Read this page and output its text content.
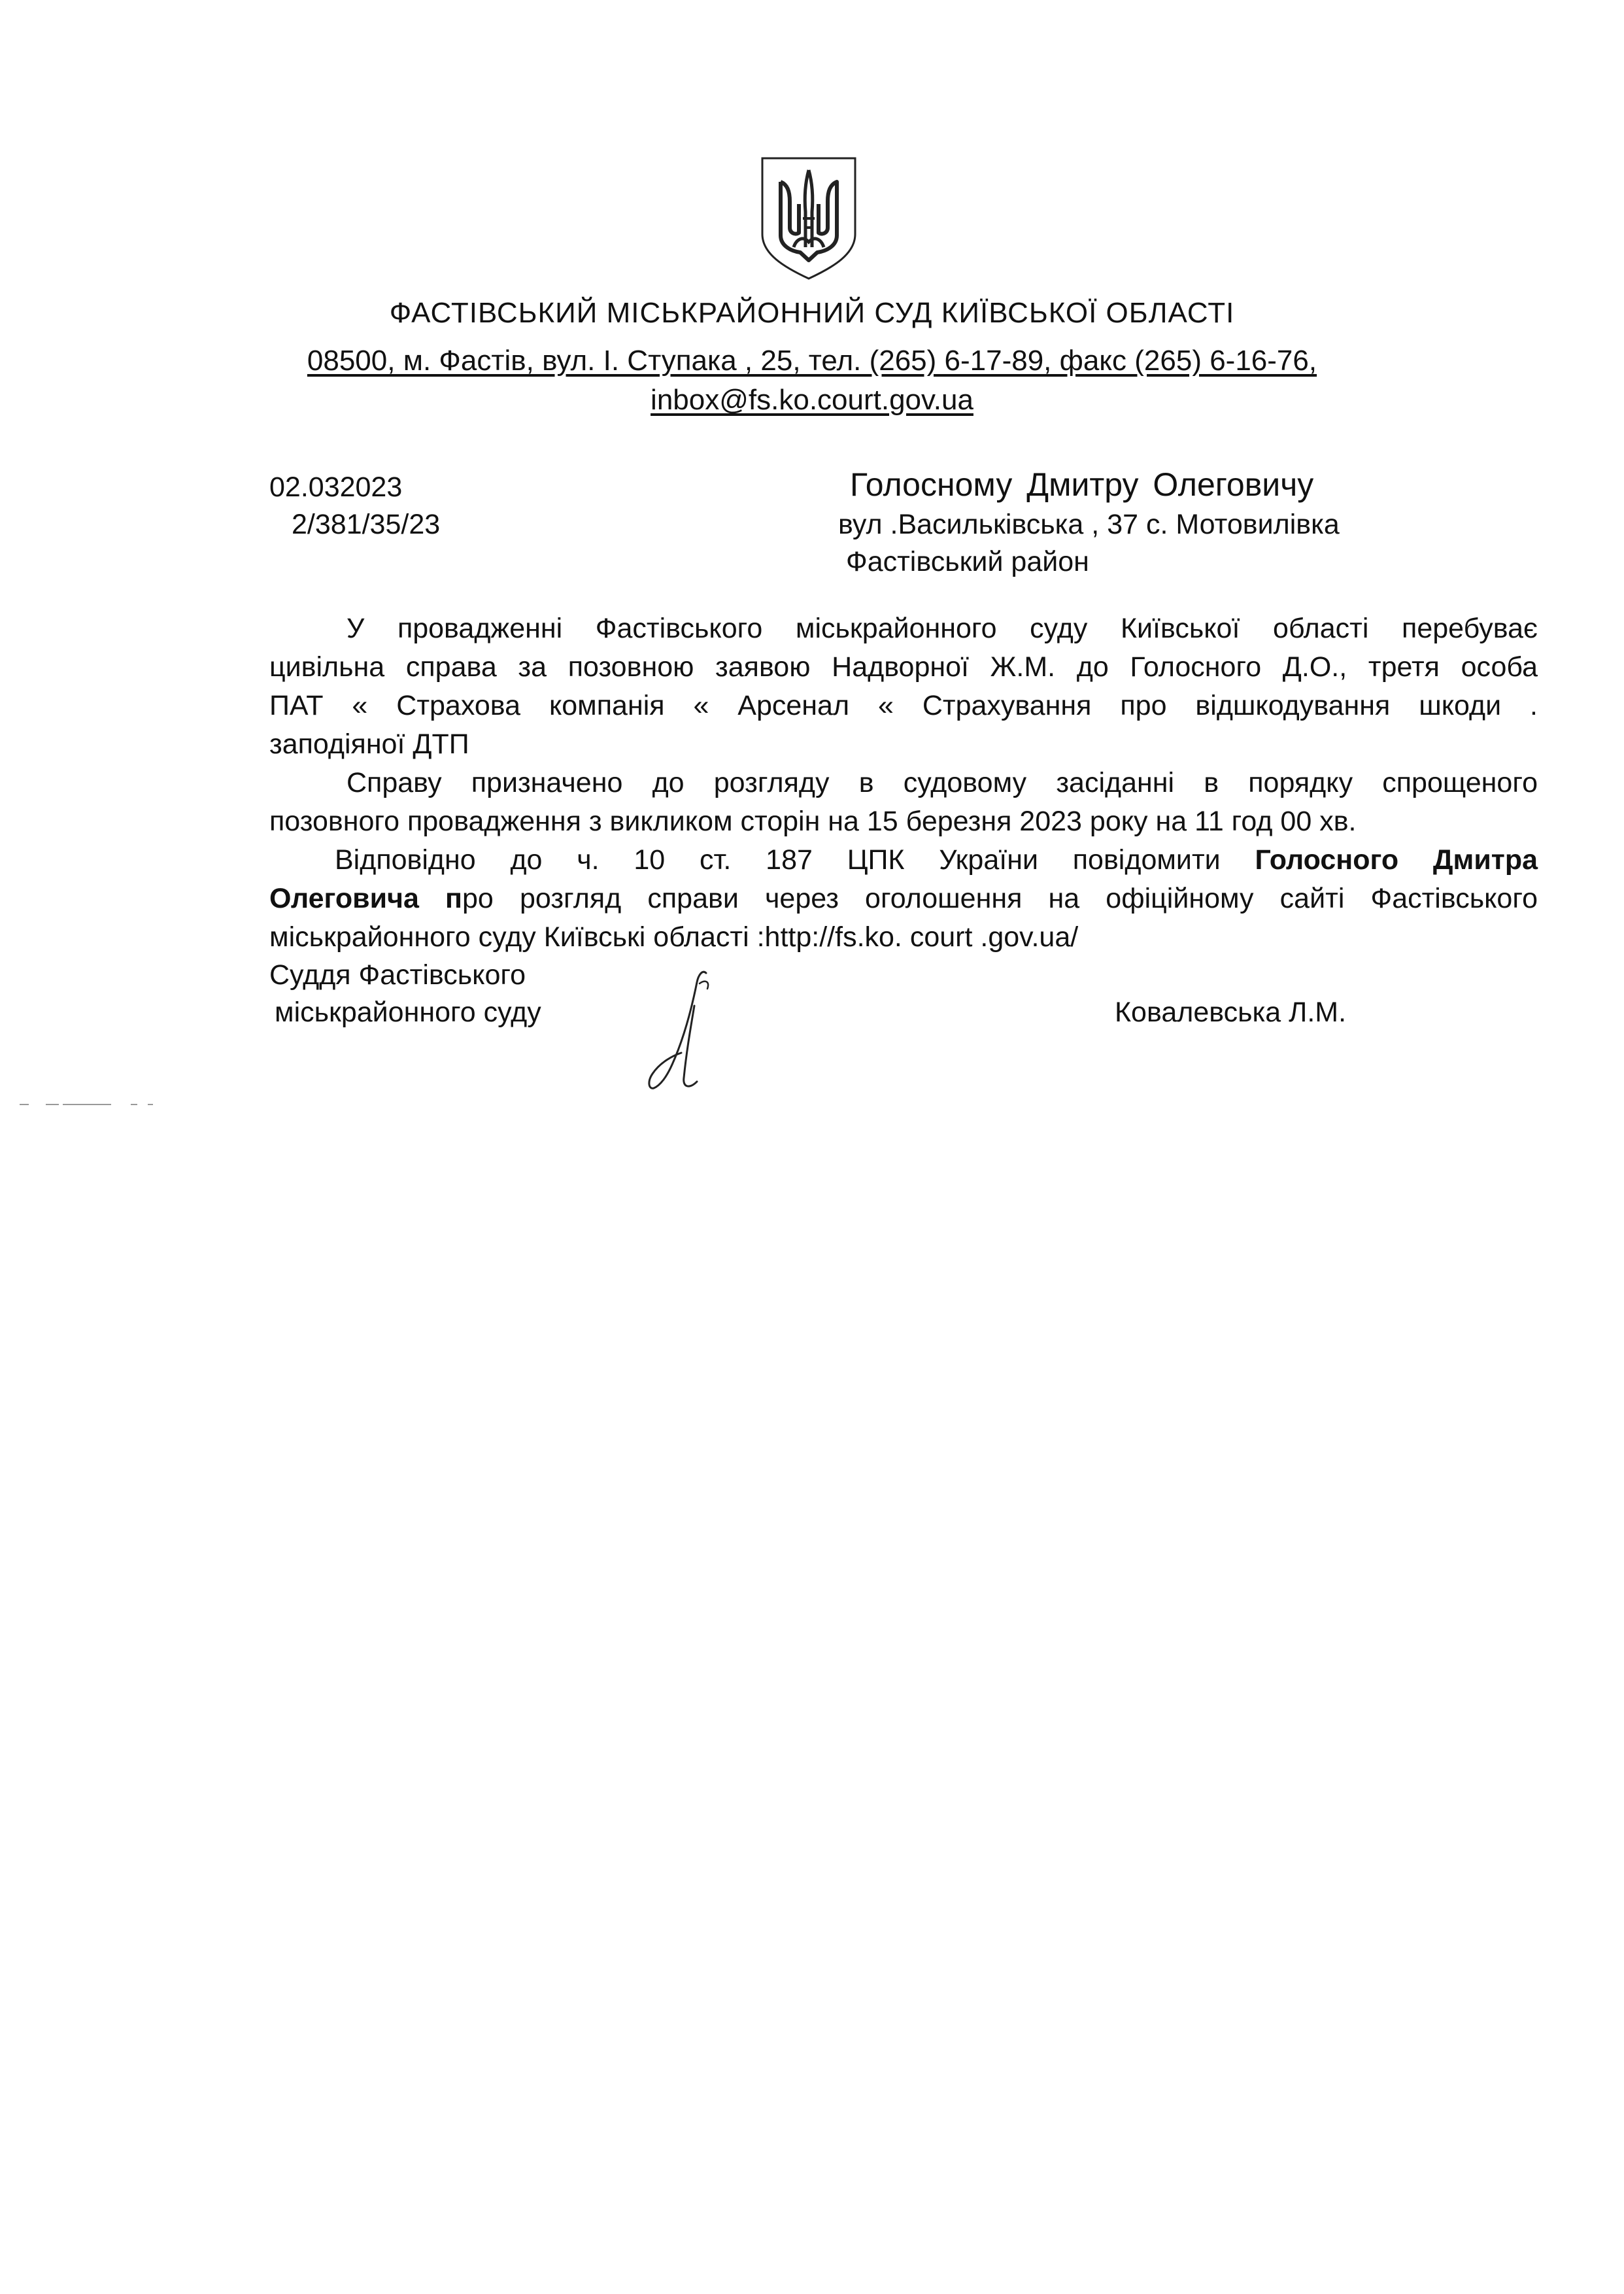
ФАСТІВСЬКИЙ МІСЬКРАЙОННИЙ СУД КИЇВСЬКОЇ ОБЛАСТІ
08500, м. Фастів, вул. І. Ступака , 25, тел. (265) 6-17-89, факс (265) 6-16-76,
inbox@fs.ko.court.gov.ua
02.032023
2/381/35/23
Голосному Дмитру Олеговичу
вул .Васильківська , 37 с. Мотовилівка
Фастівський район
У провадженні Фастівського міськрайонного суду Київської області перебуває
цивільна справа за позовною заявою Надворної Ж.М. до Голосного Д.О., третя особа
ПАТ « Страхова компанія « Арсенал « Страхування про відшкодування шкоди .
заподіяної ДТП
Справу призначено до розгляду в судовому засіданні в порядку спрощеного
позовного провадження з викликом сторін на 15 березня 2023 року на 11 год 00 хв.
Відповідно до ч. 10 ст. 187 ЦПК України повідомити Голосного Дмитра
Олеговича про розгляд справи через оголошення на офіційному сайті Фастівського
міськрайонного суду Київські області :http://fs.ko. court .gov.ua/
Суддя Фастівського
міськрайонного суду	Ковалевська Л.М.
